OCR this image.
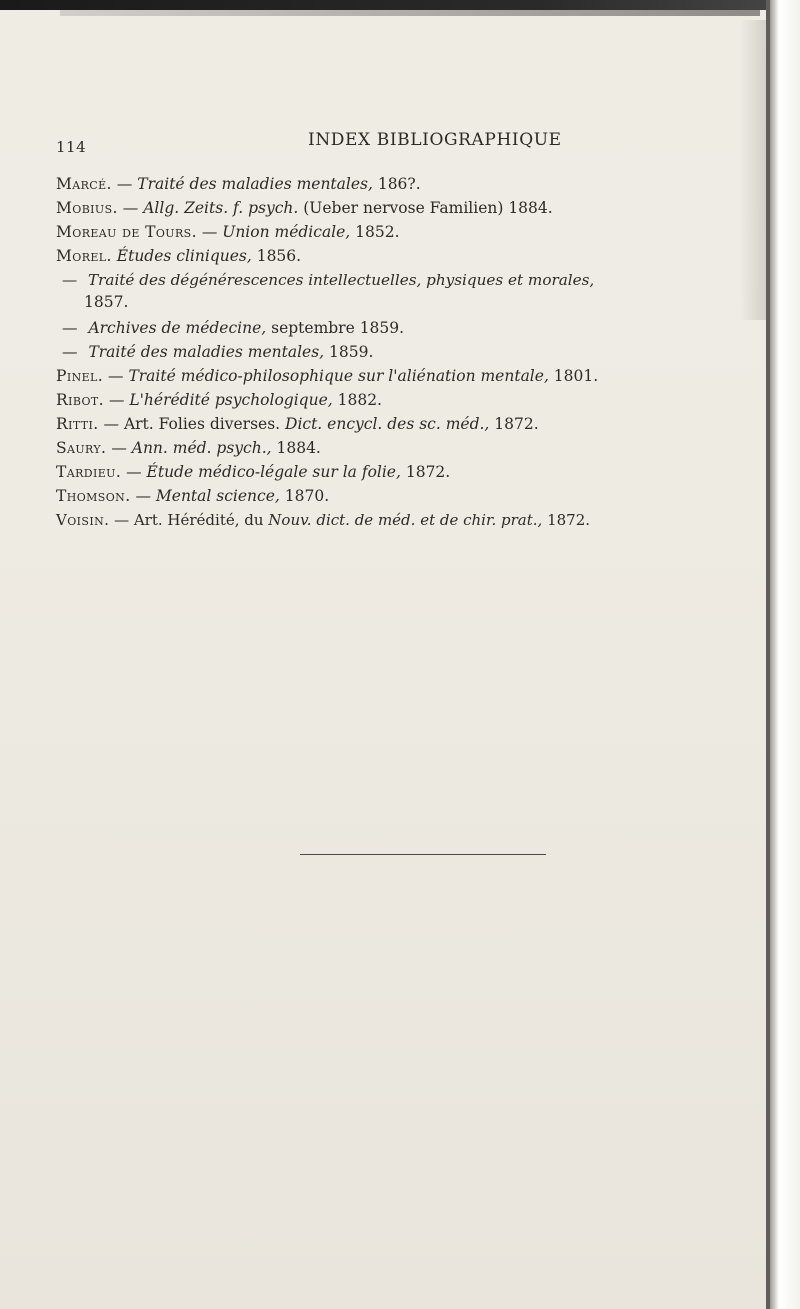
114	INDEX BIBLIOGRAPHIQUE
Marcé. — Traité des maladies mentales, 186?.
Mobius. — Allg. Zeits. f. psych. (Ueber nervose Familien) 1884.
Moreau de Tours. — Union médicale, 1852.
Morel. Études cliniques, 1856.
— Traité des dégénérescences intellectuelles, physiques et morales,
1857.
— Archives de médecine, septembre 1859.
— Traité des maladies mentales, 1859.
Pinel. — Traité médico-philosophique sur l'aliénation mentale, 1801.
Ribot. — L'hérédité psychologique, 1882.
Ritti. — Art. Folies diverses. Dict. encycl. des sc. méd., 1872.
Saury. — Ann. méd. psych., 1884.
Tardieu. — Étude médico-légale sur la folie, 1872.
Thomson. — Mental science, 1870.
Voisin. — Art. Hérédité, du Nouv. dict. de méd. et de chir. prat., 1872.
